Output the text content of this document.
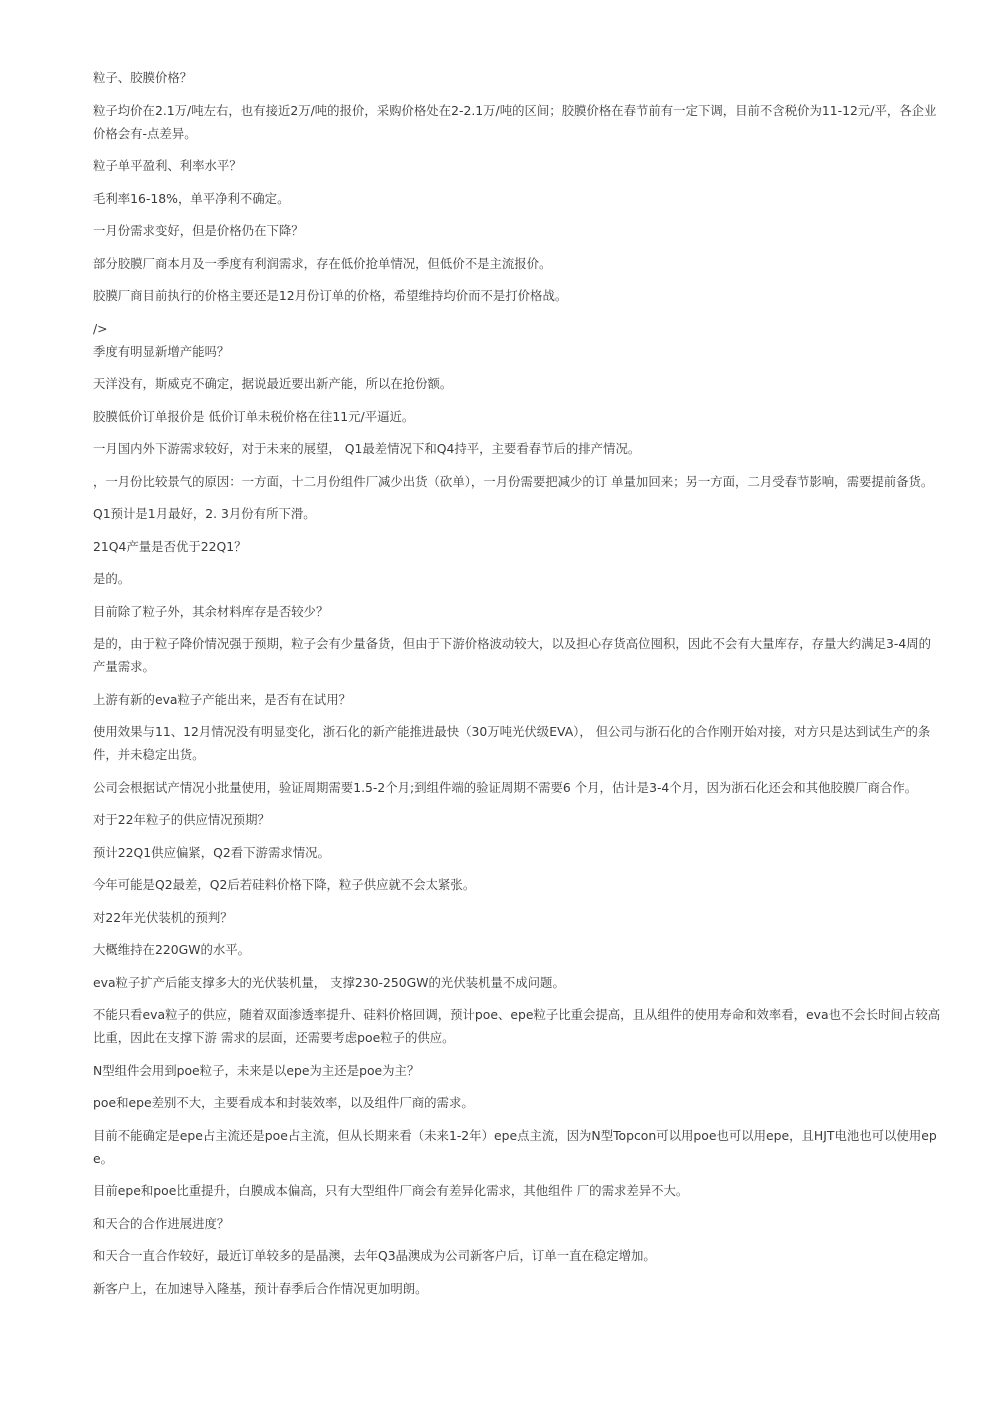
粒子、胶膜价格？

粒子均价在2.1万/吨左右，也有接近2万/吨的报价，采购价格处在2-2.1万/吨的区间；胶膜价格在春节前有一定下调，目前不含税价为11-12元/平，各企业价格会有-点差异。

粒子单平盈利、利率水平？

毛利率16-18%，单平净利不确定。

一月份需求变好，但是价格仍在下降？

部分胶膜厂商本月及一季度有利润需求，存在低价抢单情况，但低价不是主流报价。

胶膜厂商目前执行的价格主要还是12月份订单的价格，希望维持均价而不是打价格战。

/>

季度有明显新增产能吗？

天洋没有，斯威克不确定，据说最近要出新产能，所以在抢份额。

胶膜低价订单报价是 低价订单未税价格在往11元/平逼近。

一月国内外下游需求较好，对于未来的展望， Q1最差情况下和Q4持平，主要看春节后的排产情况。

，一月份比较景气的原因：一方面，十二月份组件厂减少出货（砍单），一月份需要把减少的订 单量加回来；另一方面，二月受春节影响，需要提前备货。

Q1预计是1月最好，2. 3月份有所下滑。

21Q4产量是否优于22Q1？

是的。

目前除了粒子外，其余材料库存是否较少？

是的，由于粒子降价情况强于预期，粒子会有少量备货，但由于下游价格波动较大，以及担心存货高位囤积，因此不会有大量库存，存量大约满足3-4周的产量需求。

上游有新的eva粒子产能出来，是否有在试用？

使用效果与11、12月情况没有明显变化，浙石化的新产能推进最快（30万吨光伏级EVA）， 但公司与浙石化的合作刚开始对接，对方只是达到试生产的条件，并未稳定出货。

公司会根据试产情况小批量使用，验证周期需要1.5-2个月;到组件端的验证周期不需要6 个月，估计是3-4个月，因为浙石化还会和其他胶膜厂商合作。

对于22年粒子的供应情况预期？

预计22Q1供应偏紧，Q2看下游需求情况。

今年可能是Q2最差，Q2后若硅料价格下降，粒子供应就不会太紧张。

对22年光伏装机的预判？

大概维持在220GW的水平。

eva粒子扩产后能支撑多大的光伏装机量， 支撑230-250GW的光伏装机量不成问题。

不能只看eva粒子的供应，随着双面渗透率提升、硅料价格回调，预计poe、epe粒子比重会提高，且从组件的使用寿命和效率看，eva也不会长时间占较高比重，因此在支撑下游 需求的层面，还需要考虑poe粒子的供应。

N型组件会用到poe粒子，未来是以epe为主还是poe为主？

poe和epe差别不大，主要看成本和封装效率，以及组件厂商的需求。

目前不能确定是epe占主流还是poe占主流，但从长期来看（未来1-2年）epe点主流，因为N型Topcon可以用poe也可以用epe，且HJT电池也可以使用epe。

目前epe和poe比重提升，白膜成本偏高，只有大型组件厂商会有差异化需求，其他组件 厂的需求差异不大。

和天合的合作进展进度？

和天合一直合作较好，最近订单较多的是晶澳，去年Q3晶澳成为公司新客户后，订单一直在稳定增加。

新客户上，在加速导入隆基，预计春季后合作情况更加明朗。
